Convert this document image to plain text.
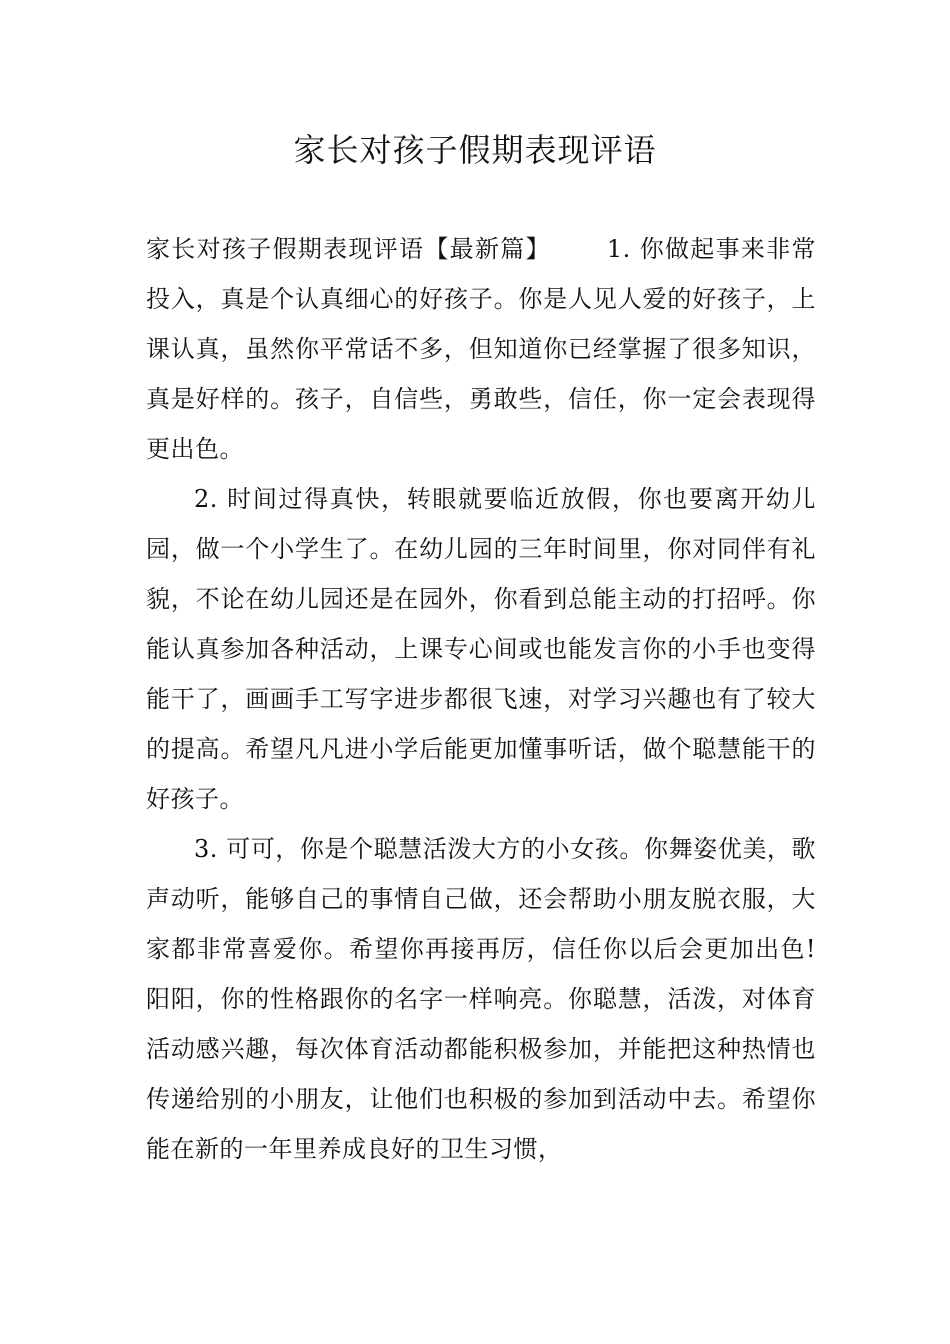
家长对孩子假期表现评语

家长对孩子假期表现评语【最新篇】 1. 你做起事来非常投入，真是个认真细心的好孩子。你是人见人爱的好孩子，上课认真，虽然你平常话不多，但知道你已经掌握了很多知识，真是好样的。孩子，自信些，勇敢些，信任，你一定会表现得更出色。

2. 时间过得真快，转眼就要临近放假，你也要离开幼儿园，做一个小学生了。在幼儿园的三年时间里，你对同伴有礼貌，不论在幼儿园还是在园外，你看到总能主动的打招呼。你能认真参加各种活动，上课专心间或也能发言你的小手也变得能干了，画画手工写字进步都很飞速，对学习兴趣也有了较大的提高。希望凡凡进小学后能更加懂事听话，做个聪慧能干的好孩子。

3. 可可，你是个聪慧活泼大方的小女孩。你舞姿优美，歌声动听，能够自己的事情自己做，还会帮助小朋友脱衣服，大家都非常喜爱你。希望你再接再厉，信任你以后会更加出色!阳阳，你的性格跟你的名字一样响亮。你聪慧，活泼，对体育活动感兴趣，每次体育活动都能积极参加，并能把这种热情也传递给别的小朋友，让他们也积极的参加到活动中去。希望你能在新的一年里养成良好的卫生习惯，
